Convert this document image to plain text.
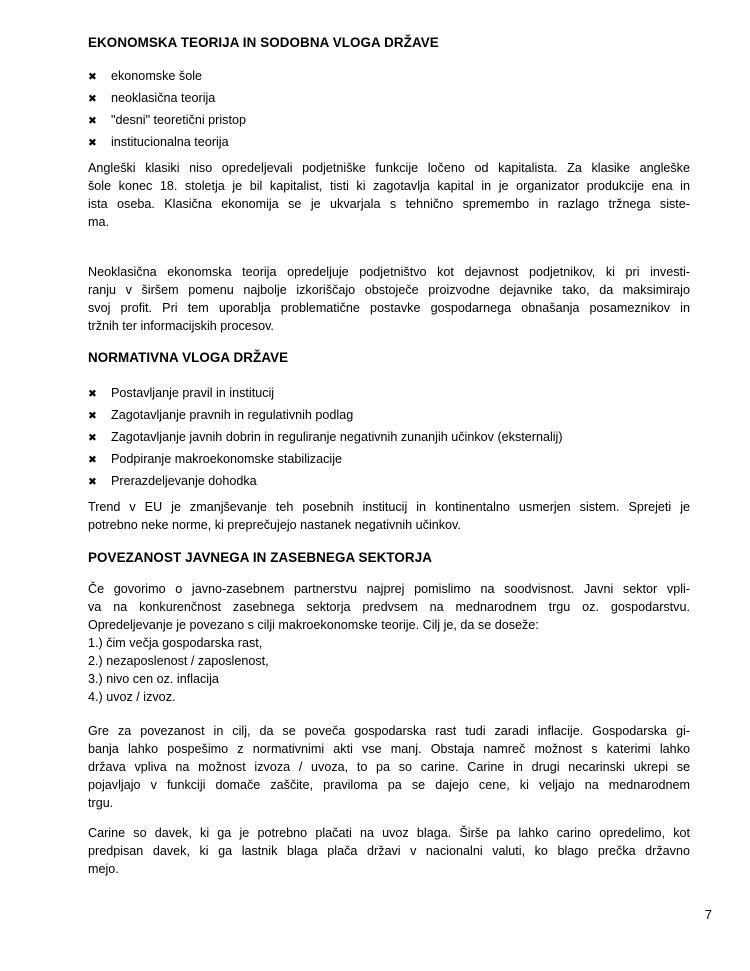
EKONOMSKA TEORIJA IN SODOBNA VLOGA DRŽAVE
✖	ekonomske šole
✖	neoklasična teorija
✖	"desni" teoretični pristop
✖	institucionalna teorija
Angleški klasiki niso opredeljevali podjetniške funkcije ločeno od kapitalista. Za klasike angleške
šole konec 18. stoletja je bil kapitalist, tisti ki zagotavlja kapital in je organizator produkcije ena in
ista oseba. Klasična ekonomija se je ukvarjala s tehnično spremembo in razlago tržnega siste-
ma.
Neoklasična ekonomska teorija opredeljuje podjetništvo kot dejavnost podjetnikov, ki pri investi-
ranju v širšem pomenu najbolje izkoriščajo obstoječe proizvodne dejavnike tako, da maksimirajo
svoj profit. Pri tem uporablja problematične postavke gospodarnega obnašanja posameznikov in
tržnih ter informacijskih procesov.
NORMATIVNA VLOGA DRŽAVE
✖	Postavljanje pravil in institucij
✖	Zagotavljanje pravnih in regulativnih podlag
✖	Zagotavljanje javnih dobrin in reguliranje negativnih zunanjih učinkov (eksternalij)
✖	Podpiranje makroekonomske stabilizacije
✖	Prerazdeljevanje dohodka
Trend v EU je zmanjševanje teh posebnih institucij in kontinentalno usmerjen sistem. Sprejeti je
potrebno neke norme, ki preprečujejo nastanek negativnih učinkov.
POVEZANOST JAVNEGA IN ZASEBNEGA SEKTORJA
Če govorimo o javno-zasebnem partnerstvu najprej pomislimo na soodvisnost. Javni sektor vpli-
va na konkurenčnost zasebnega sektorja predvsem na mednarodnem trgu oz. gospodarstvu.
Opredeljevanje je povezano s cilji makroekonomske teorije. Cilj je, da se doseže:
1.) čim večja gospodarska rast,
2.) nezaposlenost / zaposlenost,
3.) nivo cen oz. inflacija
4.) uvoz / izvoz.
Gre za povezanost in cilj, da se poveča gospodarska rast tudi zaradi inflacije. Gospodarska gi-
banja lahko pospešimo z normativnimi akti vse manj. Obstaja namreč možnost s katerimi lahko
država vpliva na možnost izvoza / uvoza, to pa so carine. Carine in drugi necarinski ukrepi se
pojavljajo v funkciji domače zaščite, praviloma pa se dajejo cene, ki veljajo na mednarodnem
trgu.
Carine so davek, ki ga je potrebno plačati na uvoz blaga. Širše pa lahko carino opredelimo, kot
predpisan davek, ki ga lastnik blaga plača državi v nacionalni valuti, ko blago prečka državno
mejo.
7
